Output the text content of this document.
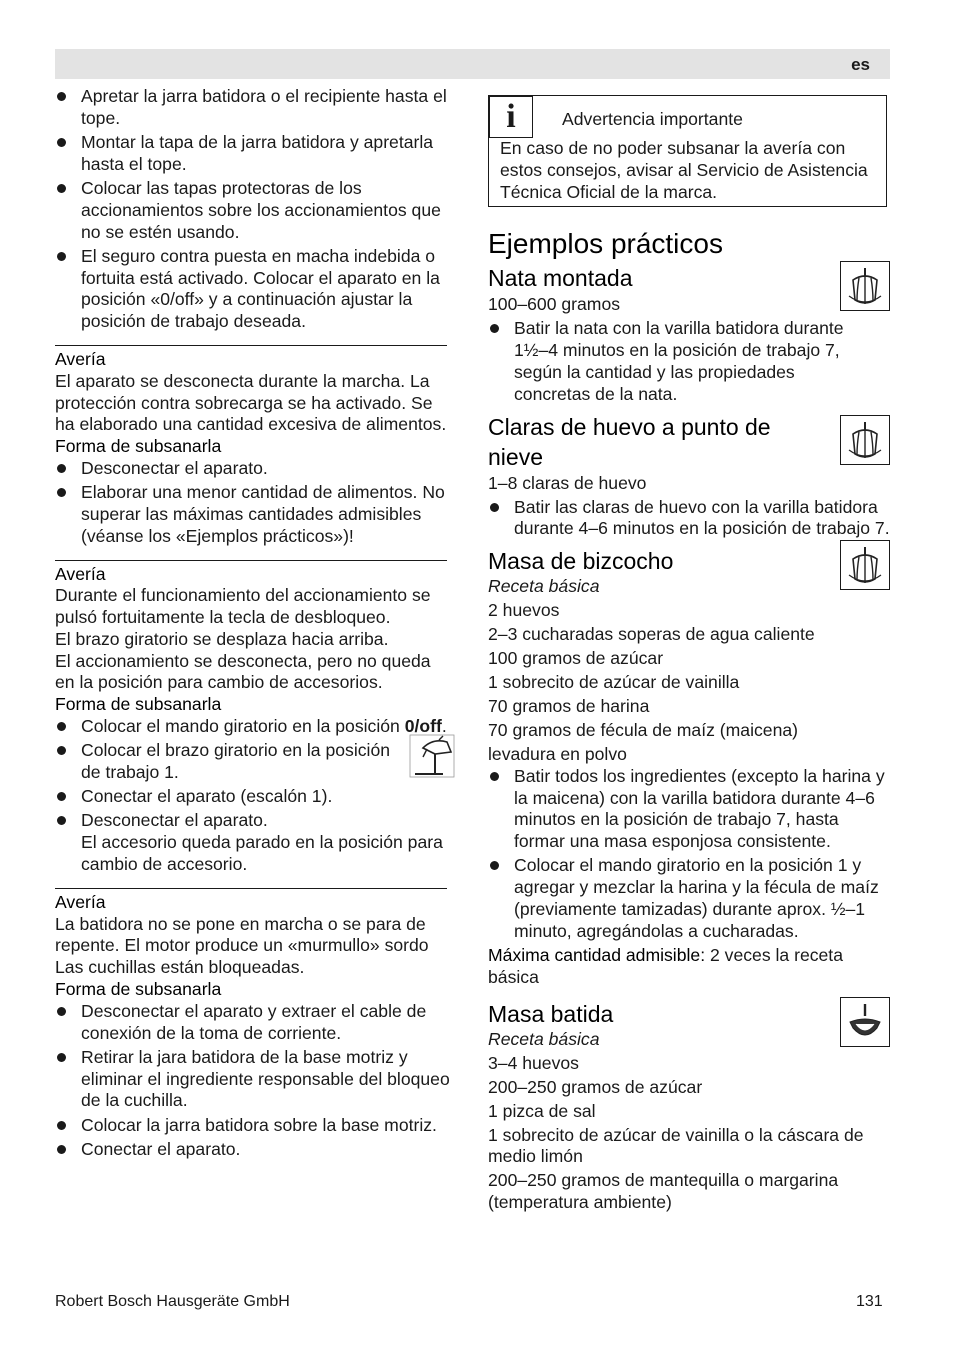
es
Apretar la jarra batidora o el recipiente hasta el tope.
Montar la tapa de la jarra batidora y apretarla hasta el tope.
Colocar las tapas protectoras de los accionamientos sobre los accionamientos que no se estén usando.
El seguro contra puesta en macha indebida o fortuita está activado. Colocar el aparato en la posición «0/off» y a continuación ajustar la posición de trabajo deseada.
Avería
El aparato se desconecta durante la marcha. La protección contra sobrecarga se ha activado. Se ha elaborado una cantidad excesiva de alimentos.
Forma de subsanarla
Desconectar el aparato.
Elaborar una menor cantidad de alimentos. No superar las máximas cantidades admisibles (véanse los «Ejemplos prácticos»)!
Avería
Durante el funcionamiento del accionamiento se pulsó fortuitamente la tecla de desbloqueo.
El brazo giratorio se desplaza hacia arriba.
El accionamiento se desconecta, pero no queda en la posición para cambio de accesorios.
Forma de subsanarla
Colocar el mando giratorio en la posición 0/off.
Colocar el brazo giratorio en la posición de trabajo 1.
Conectar el aparato (escalón 1).
Desconectar el aparato.
El accesorio queda parado en la posición para cambio de accesorio.
Avería
La batidora no se pone en marcha o se para de repente. El motor produce un «murmullo» sordo Las cuchillas están bloqueadas.
Forma de subsanarla
Desconectar el aparato y extraer el cable de conexión de la toma de corriente.
Retirar la jara batidora de la base motriz y eliminar el ingrediente responsable del bloqueo de la cuchilla.
Colocar la jarra batidora sobre la base motriz.
Conectar el aparato.
i	Advertencia importante
En caso de no poder subsanar la avería con estos consejos, avisar al Servicio de Asistencia Técnica Oficial de la marca.
Ejemplos prácticos
Nata montada
100–600 gramos
Batir la nata con la varilla batidora durante 1½–4 minutos en la posición de trabajo 7, según la cantidad y las propiedades concretas de la nata.
Claras de huevo a punto de nieve
1–8 claras de huevo
Batir las claras de huevo con la varilla batidora durante 4–6 minutos en la posición de trabajo 7.
Masa de bizcocho
Receta básica
2 huevos
2–3 cucharadas soperas de agua caliente
100 gramos de azúcar
1 sobrecito de azúcar de vainilla
70 gramos de harina
70 gramos de fécula de maíz (maicena)
levadura en polvo
Batir todos los ingredientes (excepto la harina y la maicena) con la varilla batidora durante 4–6 minutos en la posición de trabajo 7, hasta formar una masa esponjosa consistente.
Colocar el mando giratorio en la posición 1 y agregar y mezclar la harina y la fécula de maíz (previamente tamizadas) durante aprox. ½–1 minuto, agregándolas a cucharadas.
Máxima cantidad admisible: 2 veces la receta básica
Masa batida
Receta básica
3–4 huevos
200–250 gramos de azúcar
1 pizca de sal
1 sobrecito de azúcar de vainilla o la cáscara de medio limón
200–250 gramos de mantequilla o margarina (temperatura ambiente)
Robert Bosch Hausgeräte GmbH	131
